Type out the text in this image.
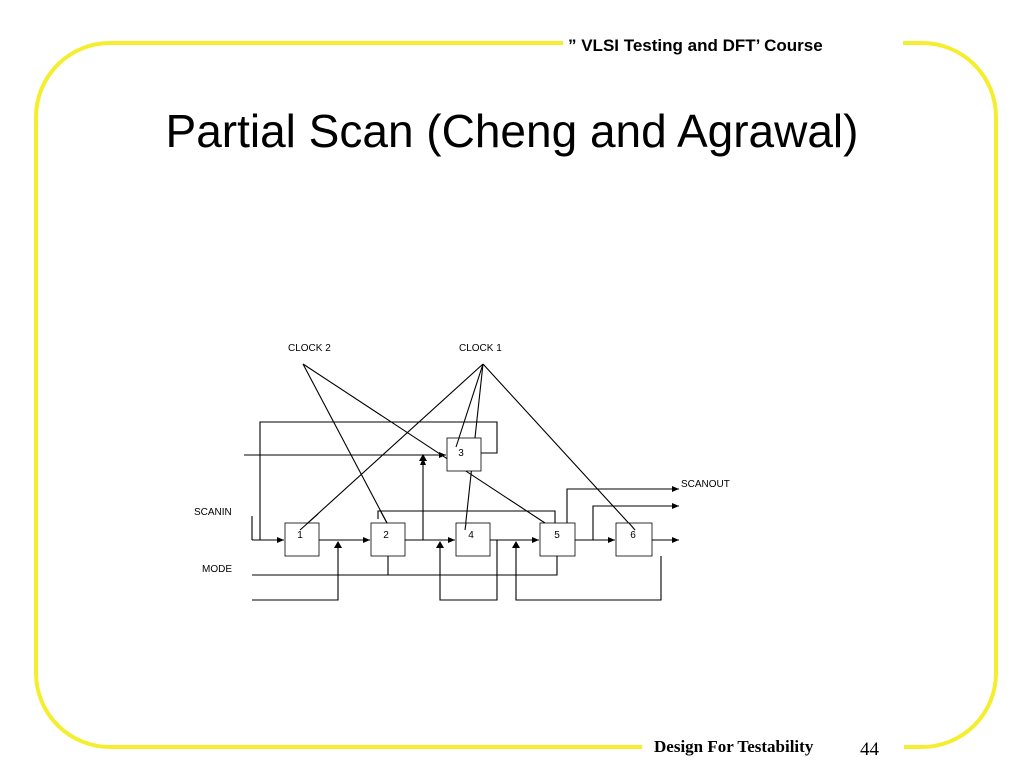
” VLSI Testing and DFT’ Course
Partial Scan (Cheng and Agrawal)
1	2	4	5	6
3
CLOCK 2	CLOCK 1
SCANIN
SCANOUT
MODE
Design For Testability 44
